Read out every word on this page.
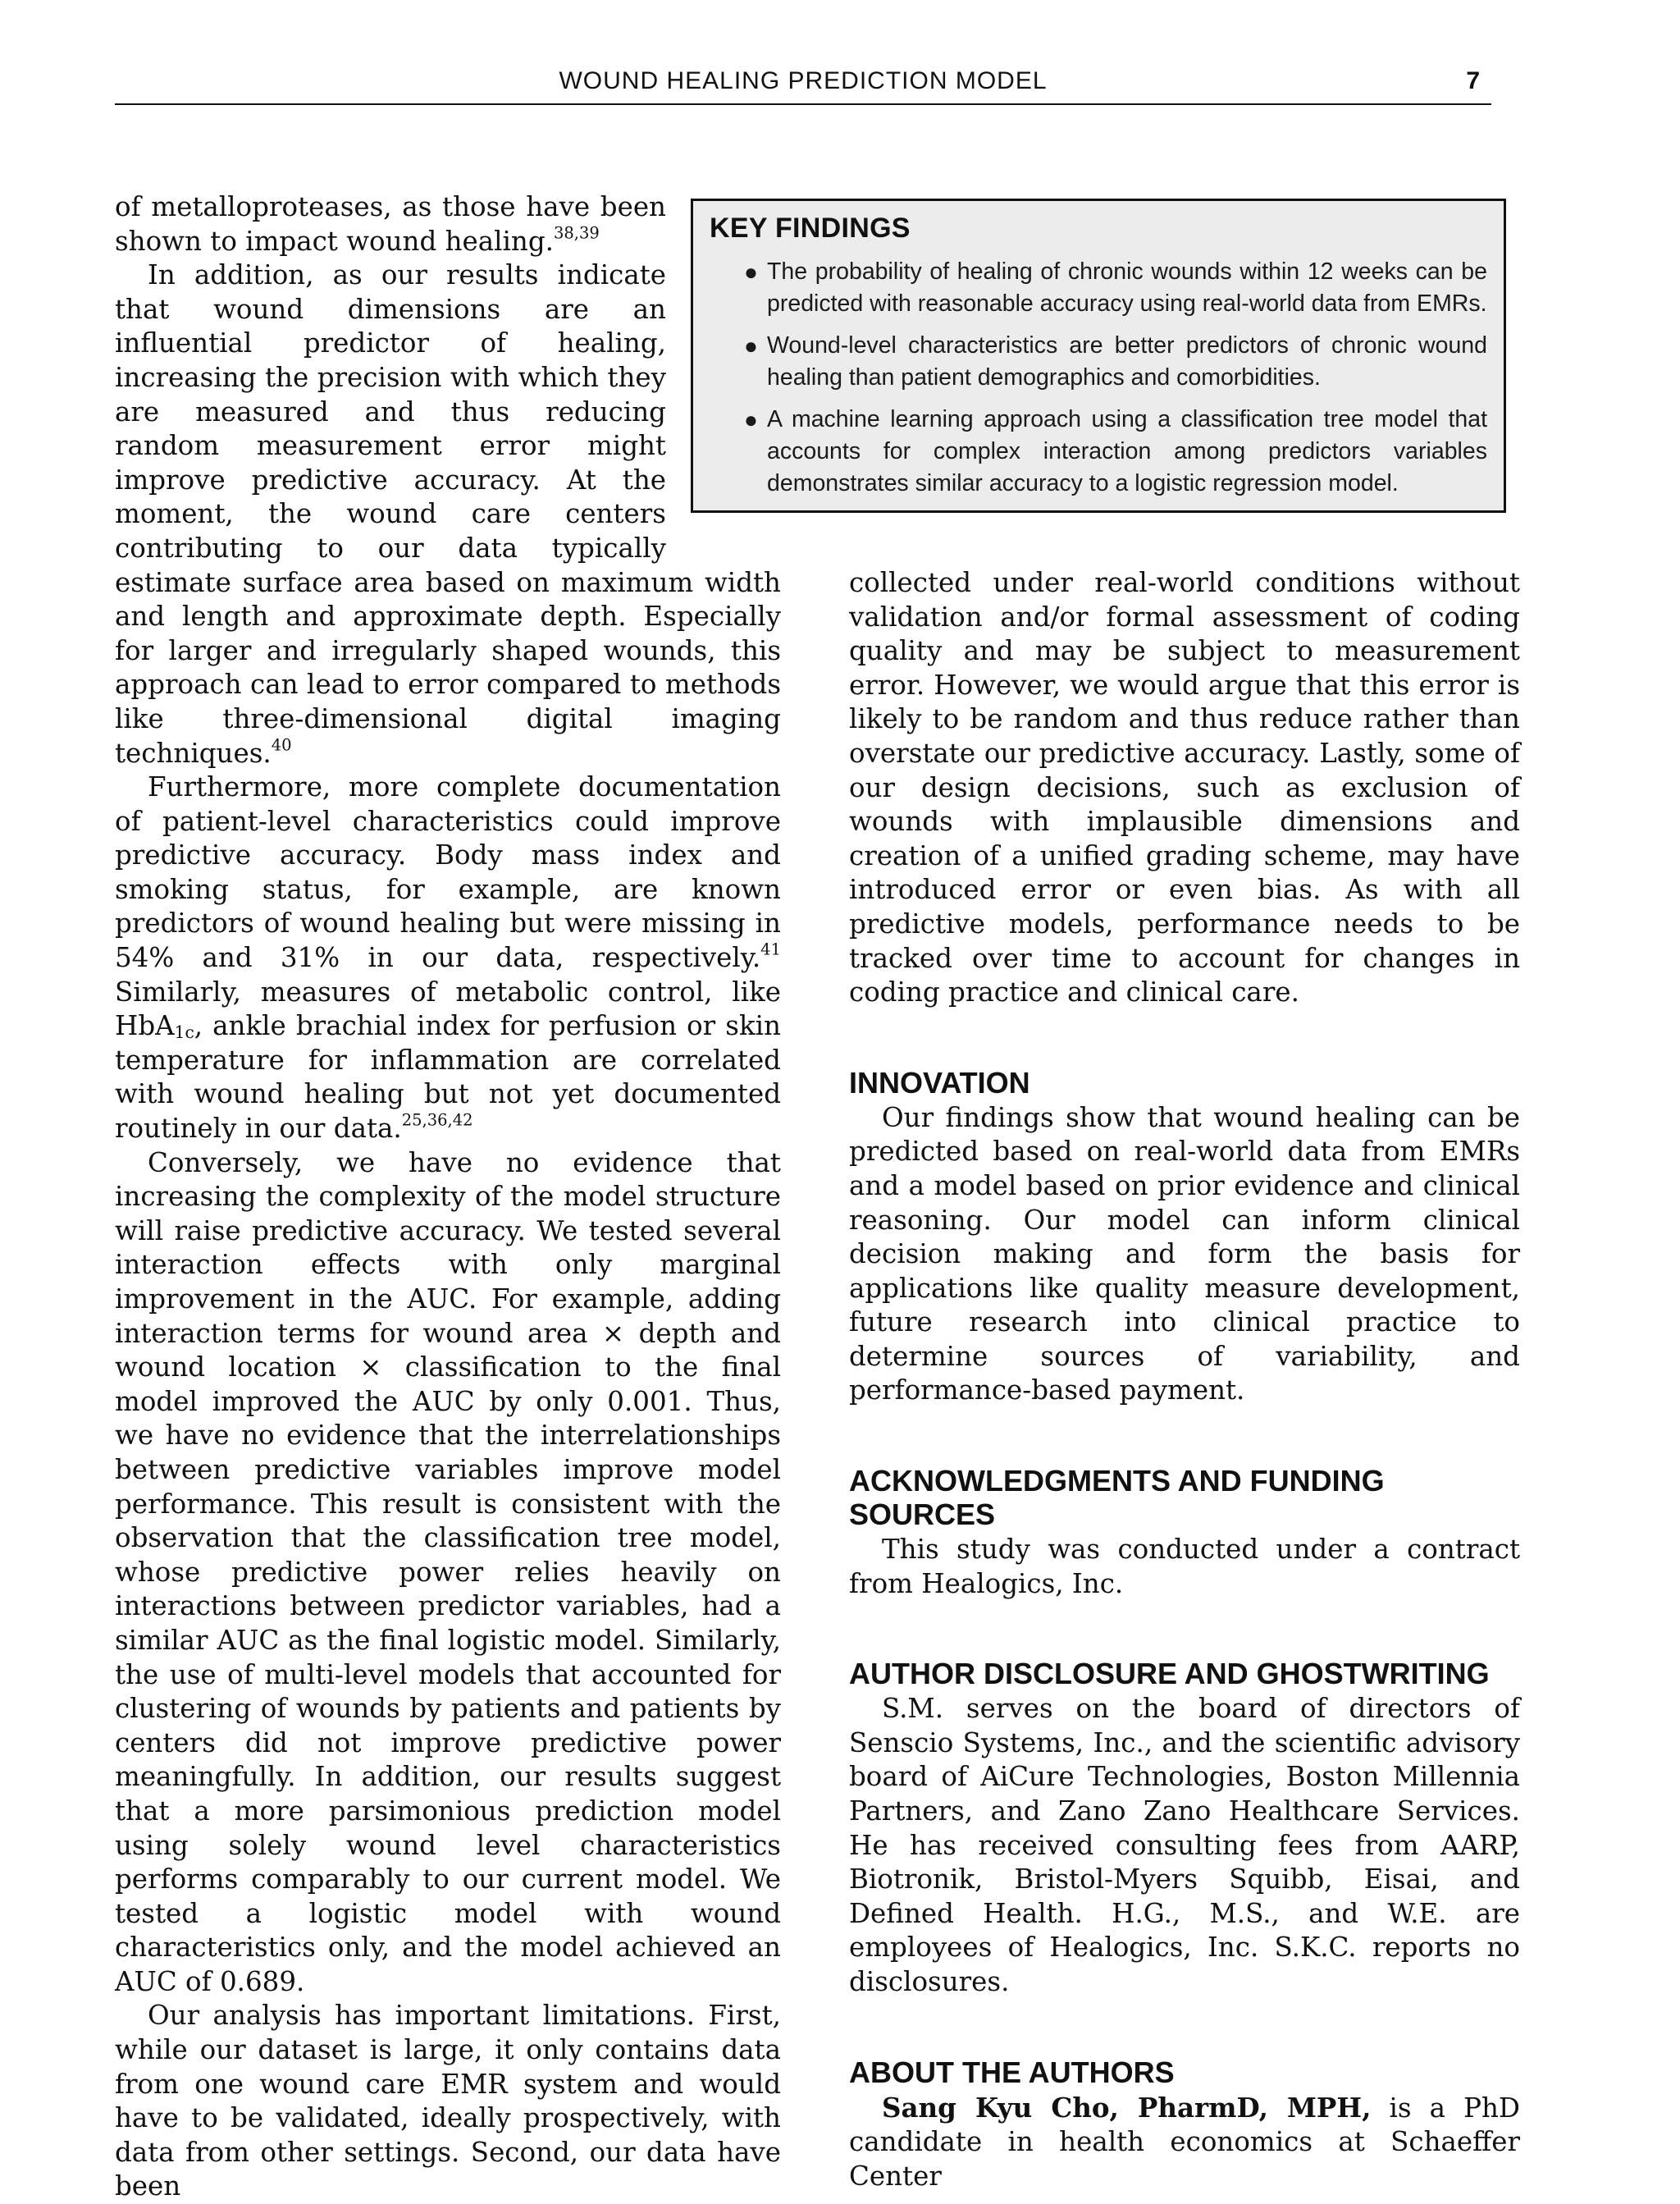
WOUND HEALING PREDICTION MODEL	7
KEY FINDINGS
● The probability of healing of chronic wounds within 12 weeks can be predicted with reasonable accuracy using real-world data from EMRs.
● Wound-level characteristics are better predictors of chronic wound healing than patient demographics and comorbidities.
● A machine learning approach using a classification tree model that accounts for complex interaction among predictors variables demonstrates similar accuracy to a logistic regression model.

of metalloproteases, as those have been shown to impact wound healing.$^{38,39}$

In addition, as our results indicate that wound dimensions are an influential predictor of healing, increasing the precision with which they are measured and thus reducing random measurement error might improve predictive accuracy. At the moment, the wound care centers contributing to our data typically estimate surface area based on maximum width and length and approximate depth. Especially for larger and irregularly shaped wounds, this approach can lead to error compared to methods like three-dimensional digital imaging techniques.$^{40}$

Furthermore, more complete documentation of patient-level characteristics could improve predictive accuracy. Body mass index and smoking status, for example, are known predictors of wound healing but were missing in 54% and 31% in our data, respectively.$^{41}$ Similarly, measures of metabolic control, like HbA$_{1c}$, ankle brachial index for perfusion or skin temperature for inflammation are correlated with wound healing but not yet documented routinely in our data.$^{25,36,42}$

Conversely, we have no evidence that increasing the complexity of the model structure will raise predictive accuracy. We tested several interaction effects with only marginal improvement in the AUC. For example, adding interaction terms for wound area × depth and wound location × classification to the final model improved the AUC by only 0.001. Thus, we have no evidence that the interrelationships between predictive variables improve model performance. This result is consistent with the observation that the classification tree model, whose predictive power relies heavily on interactions between predictor variables, had a similar AUC as the final logistic model. Similarly, the use of multi-level models that accounted for clustering of wounds by patients and patients by centers did not improve predictive power meaningfully. In addition, our results suggest that a more parsimonious prediction model using solely wound level characteristics performs comparably to our current model. We tested a logistic model with wound characteristics only, and the model achieved an AUC of 0.689.

Our analysis has important limitations. First, while our dataset is large, it only contains data from one wound care EMR system and would have to be validated, ideally prospectively, with data from other settings. Second, our data have been

collected under real-world conditions without validation and/or formal assessment of coding quality and may be subject to measurement error. However, we would argue that this error is likely to be random and thus reduce rather than overstate our predictive accuracy. Lastly, some of our design decisions, such as exclusion of wounds with implausible dimensions and creation of a unified grading scheme, may have introduced error or even bias. As with all predictive models, performance needs to be tracked over time to account for changes in coding practice and clinical care.

INNOVATION

Our findings show that wound healing can be predicted based on real-world data from EMRs and a model based on prior evidence and clinical reasoning. Our model can inform clinical decision making and form the basis for applications like quality measure development, future research into clinical practice to determine sources of variability, and performance-based payment.

ACKNOWLEDGMENTS AND FUNDING SOURCES

This study was conducted under a contract from Healogics, Inc.

AUTHOR DISCLOSURE AND GHOSTWRITING

S.M. serves on the board of directors of Senscio Systems, Inc., and the scientific advisory board of AiCure Technologies, Boston Millennia Partners, and Zano Zano Healthcare Services. He has received consulting fees from AARP, Biotronik, Bristol-Myers Squibb, Eisai, and Defined Health. H.G., M.S., and W.E. are employees of Healogics, Inc. S.K.C. reports no disclosures.

ABOUT THE AUTHORS

Sang Kyu Cho, PharmD, MPH, is a PhD candidate in health economics at Schaeffer Center
